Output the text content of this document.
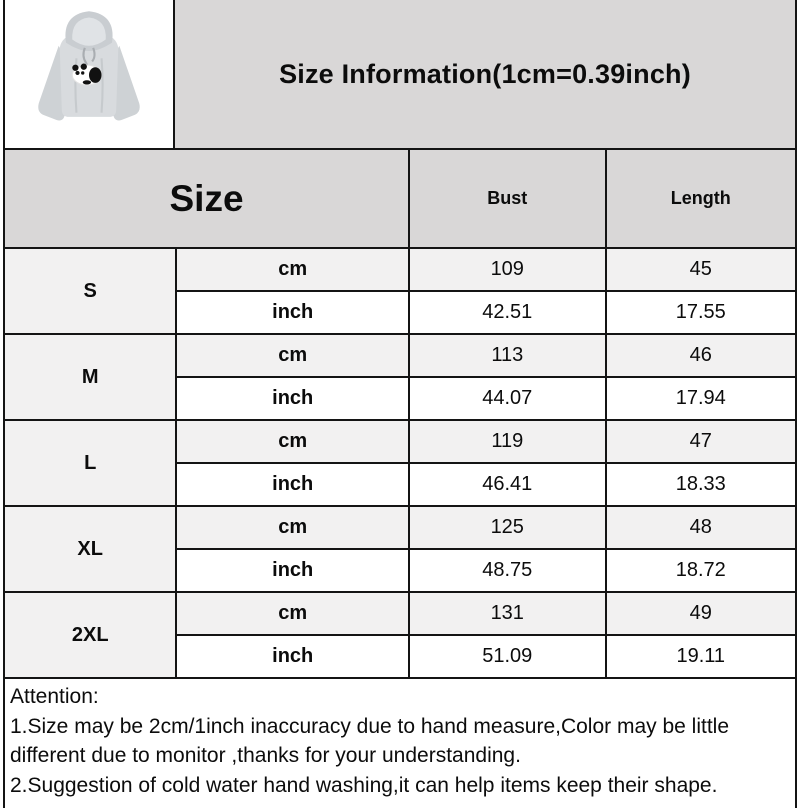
Size Information(1cm=0.39inch)
Size		Bust	Length
S	cm	109	45
	inch	42.51	17.55
M	cm	113	46
	inch	44.07	17.94
L	cm	119	47
	inch	46.41	18.33
XL	cm	125	48
	inch	48.75	18.72
2XL	cm	131	49
	inch	51.09	19.11
Attention:
1.Size may be 2cm/1inch inaccuracy due to hand measure,Color may be little
different due to monitor ,thanks for your understanding.
2.Suggestion of cold water hand washing,it can help items keep their shape.
